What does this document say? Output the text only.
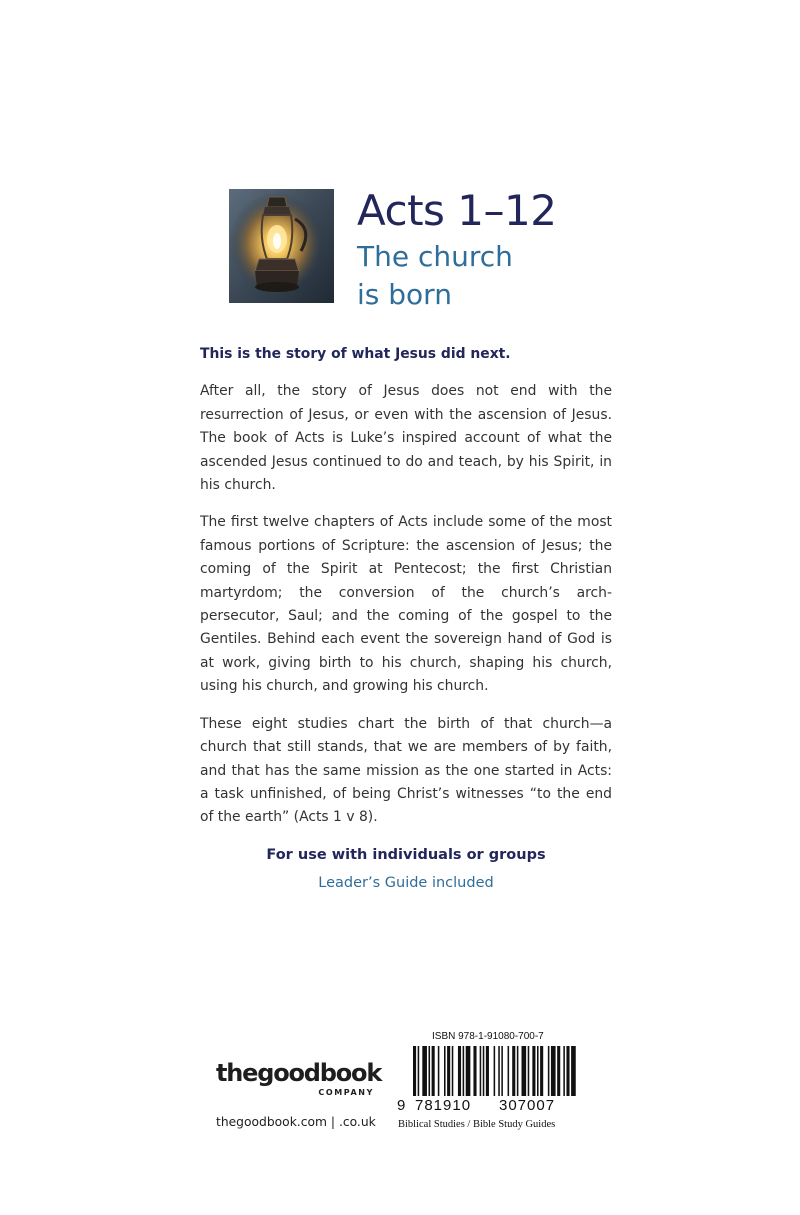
Acts 1–12
The church
is born

This is the story of what Jesus did next.

After all, the story of Jesus does not end with the resurrection of Jesus, or even with the ascension of Jesus. The book of Acts is Luke’s inspired account of what the ascended Jesus continued to do and teach, by his Spirit, in his church.

The first twelve chapters of Acts include some of the most famous portions of Scripture: the ascension of Jesus; the coming of the Spirit at Pentecost; the first Christian martyrdom; the conversion of the church’s arch-persecutor, Saul; and the coming of the gospel to the Gentiles. Behind each event the sovereign hand of God is at work, giving birth to his church, shaping his church, using his church, and growing his church.

These eight studies chart the birth of that church—a church that still stands, that we are members of by faith, and that has the same mission as the one started in Acts: a task unfinished, of being Christ’s witnesses “to the end of the earth” (Acts 1 v 8).

For use with individuals or groups
Leader’s Guide included
thegoodbook
COMPANY
thegoodbook.com | .co.uk
ISBN 978-1-91080-700-7
9 781910 307007
Biblical Studies / Bible Study Guides
